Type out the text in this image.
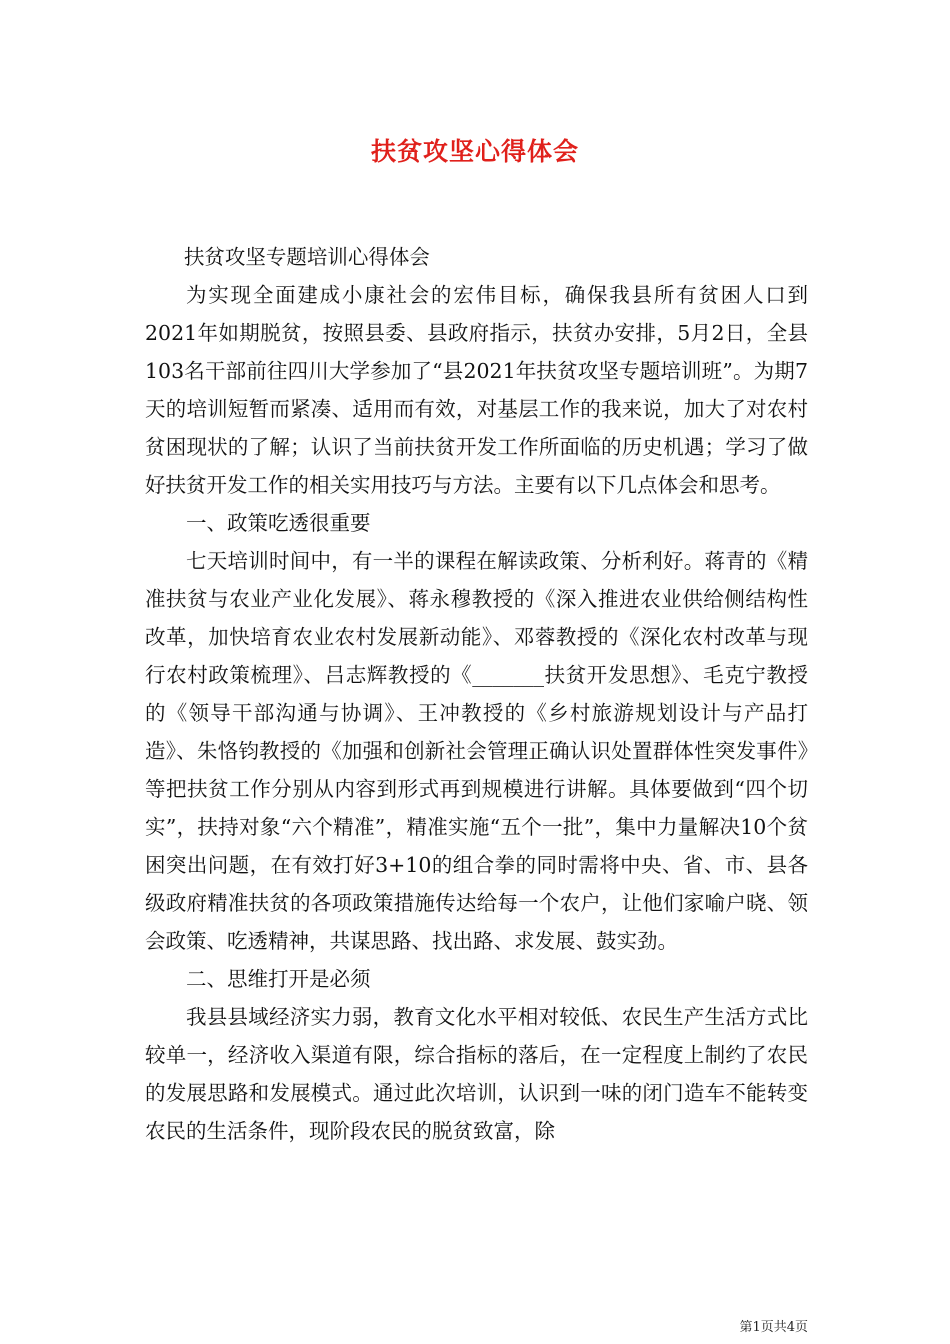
扶贫攻坚心得体会

扶贫攻坚专题培训心得体会

为实现全面建成小康社会的宏伟目标，确保我县所有贫困人口到2021年如期脱贫，按照县委、县政府指示，扶贫办安排，5月2日，全县103名干部前往四川大学参加了“县2021年扶贫攻坚专题培训班”。为期7天的培训短暂而紧凑、适用而有效，对基层工作的我来说，加大了对农村贫困现状的了解；认识了当前扶贫开发工作所面临的历史机遇；学习了做好扶贫开发工作的相关实用技巧与方法。主要有以下几点体会和思考。

一、政策吃透很重要

七天培训时间中，有一半的课程在解读政策、分析利好。蒋青的《精准扶贫与农业产业化发展》、蒋永穆教授的《深入推进农业供给侧结构性改革，加快培育农业农村发展新动能》、邓蓉教授的《深化农村改革与现行农村政策梳理》、吕志辉教授的《_______扶贫开发思想》、毛克宁教授的《领导干部沟通与协调》、王冲教授的《乡村旅游规划设计与产品打造》、朱恪钧教授的《加强和创新社会管理正确认识处置群体性突发事件》等把扶贫工作分别从内容到形式再到规模进行讲解。具体要做到“四个切实”，扶持对象“六个精准”，精准实施“五个一批”，集中力量解决10个贫困突出问题，在有效打好3+10的组合拳的同时需将中央、省、市、县各级政府精准扶贫的各项政策措施传达给每一个农户，让他们家喻户晓、领会政策、吃透精神，共谋思路、找出路、求发展、鼓实劲。

二、思维打开是必须

我县县域经济实力弱，教育文化水平相对较低、农民生产生活方式比较单一，经济收入渠道有限，综合指标的落后，在一定程度上制约了农民的发展思路和发展模式。通过此次培训，认识到一味的闭门造车不能转变农民的生活条件，现阶段农民的脱贫致富，除

第1页共4页
